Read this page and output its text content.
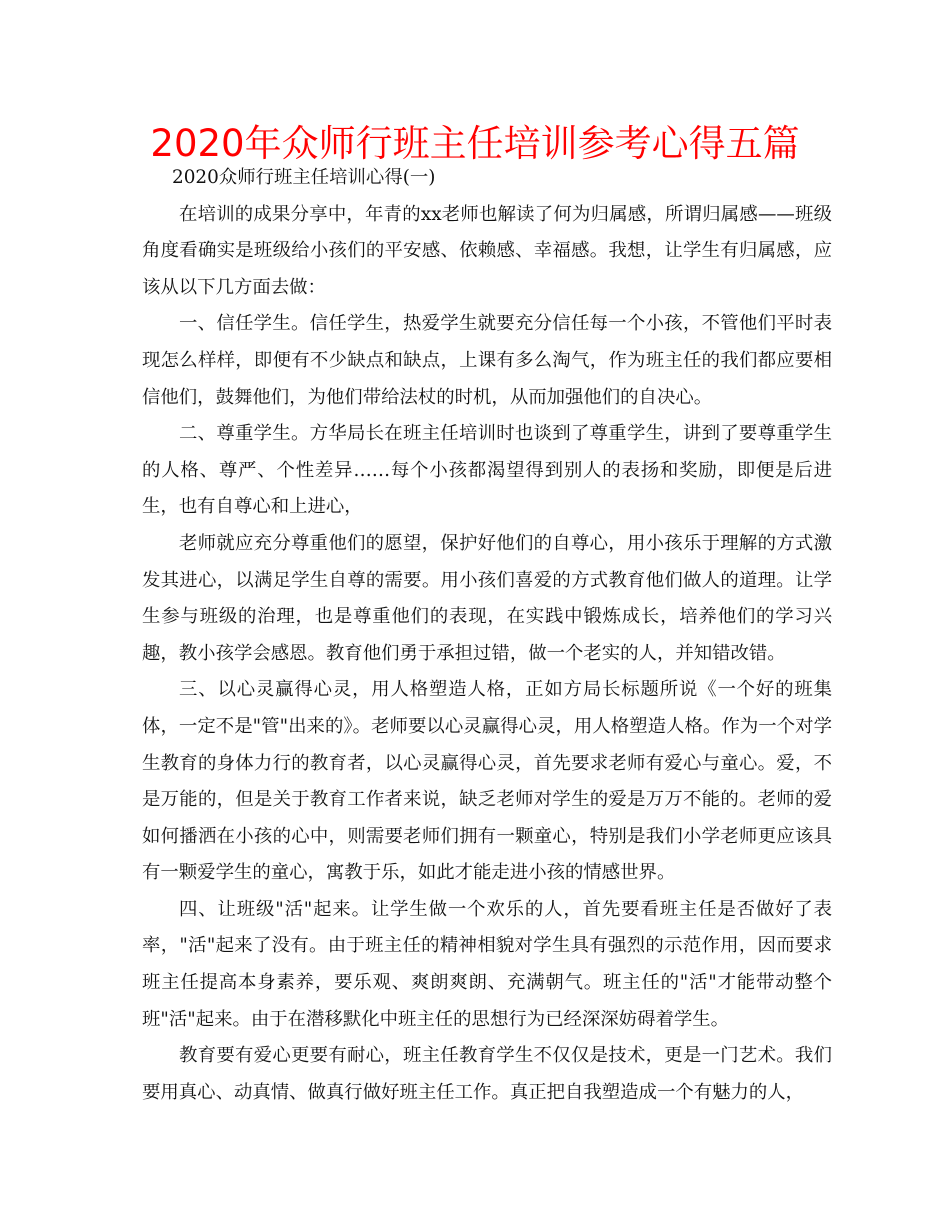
2020年众师行班主任培训参考心得五篇

2020众师行班主任培训心得(一)

在培训的成果分享中，年青的xx老师也解读了何为归属感，所谓归属感——班级角度看确实是班级给小孩们的平安感、依赖感、幸福感。我想，让学生有归属感，应该从以下几方面去做：

一、信任学生。信任学生，热爱学生就要充分信任每一个小孩，不管他们平时表现怎么样样，即便有不少缺点和缺点，上课有多么淘气，作为班主任的我们都应要相信他们，鼓舞他们，为他们带给法杖的时机，从而加强他们的自决心。

二、尊重学生。方华局长在班主任培训时也谈到了尊重学生，讲到了要尊重学生的人格、尊严、个性差异……每个小孩都渴望得到别人的表扬和奖励，即便是后进生，也有自尊心和上进心，

老师就应充分尊重他们的愿望，保护好他们的自尊心，用小孩乐于理解的方式激发其进心，以满足学生自尊的需要。用小孩们喜爱的方式教育他们做人的道理。让学生参与班级的治理，也是尊重他们的表现，在实践中锻炼成长，培养他们的学习兴趣，教小孩学会感恩。教育他们勇于承担过错，做一个老实的人，并知错改错。

三、以心灵赢得心灵，用人格塑造人格，正如方局长标题所说《一个好的班集体，一定不是"管"出来的》。老师要以心灵赢得心灵，用人格塑造人格。作为一个对学生教育的身体力行的教育者，以心灵赢得心灵，首先要求老师有爱心与童心。爱，不是万能的，但是关于教育工作者来说，缺乏老师对学生的爱是万万不能的。老师的爱如何播洒在小孩的心中，则需要老师们拥有一颗童心，特别是我们小学老师更应该具有一颗爱学生的童心，寓教于乐，如此才能走进小孩的情感世界。

四、让班级"活"起来。让学生做一个欢乐的人，首先要看班主任是否做好了表率，"活"起来了没有。由于班主任的精神相貌对学生具有强烈的示范作用，因而要求班主任提高本身素养，要乐观、爽朗爽朗、充满朝气。班主任的"活"才能带动整个班"活"起来。由于在潜移默化中班主任的思想行为已经深深妨碍着学生。

教育要有爱心更要有耐心，班主任教育学生不仅仅是技术，更是一门艺术。我们要用真心、动真情、做真行做好班主任工作。真正把自我塑造成一个有魅力的人，
